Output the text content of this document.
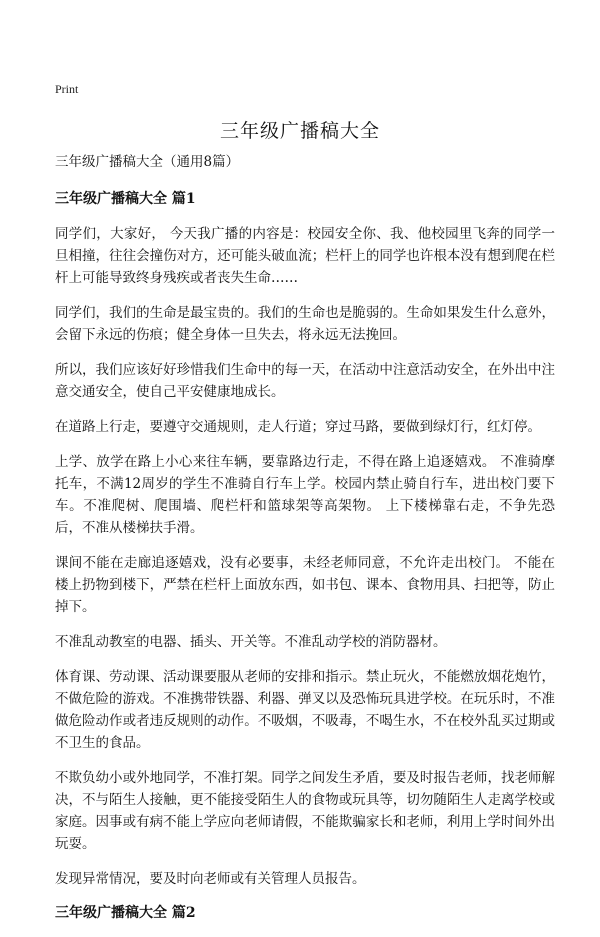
Print
三年级广播稿大全

三年级广播稿大全（通用8篇）

三年级广播稿大全 篇1

同学们，大家好， 今天我广播的内容是：校园安全你、我、他校园里飞奔的同学一旦相撞，往往会撞伤对方，还可能头破血流；栏杆上的同学也许根本没有想到爬在栏杆上可能导致终身残疾或者丧失生命……

同学们，我们的生命是最宝贵的。我们的生命也是脆弱的。生命如果发生什么意外，会留下永远的伤痕；健全身体一旦失去，将永远无法挽回。

所以，我们应该好好珍惜我们生命中的每一天，在活动中注意活动安全，在外出中注意交通安全，使自己平安健康地成长。

在道路上行走，要遵守交通规则，走人行道；穿过马路，要做到绿灯行，红灯停。

上学、放学在路上小心来往车辆，要靠路边行走，不得在路上追逐嬉戏。 不准骑摩托车，不满12周岁的学生不准骑自行车上学。校园内禁止骑自行车，进出校门要下车。不准爬树、爬围墙、爬栏杆和篮球架等高架物。 上下楼梯靠右走，不争先恐后，不准从楼梯扶手滑。

课间不能在走廊追逐嬉戏，没有必要事，未经老师同意，不允许走出校门。 不能在楼上扔物到楼下，严禁在栏杆上面放东西，如书包、课本、食物用具、扫把等，防止掉下。

不准乱动教室的电器、插头、开关等。不准乱动学校的消防器材。

体育课、劳动课、活动课要服从老师的安排和指示。禁止玩火，不能燃放烟花炮竹，不做危险的游戏。不准携带铁器、利器、弹叉以及恐怖玩具进学校。在玩乐时，不准做危险动作或者违反规则的动作。不吸烟，不吸毒，不喝生水，不在校外乱买过期或不卫生的食品。

不欺负幼小或外地同学，不准打架。同学之间发生矛盾，要及时报告老师，找老师解决，不与陌生人接触，更不能接受陌生人的食物或玩具等，切勿随陌生人走离学校或家庭。因事或有病不能上学应向老师请假，不能欺骗家长和老师，利用上学时间外出玩耍。

发现异常情况，要及时向老师或有关管理人员报告。

三年级广播稿大全 篇2
